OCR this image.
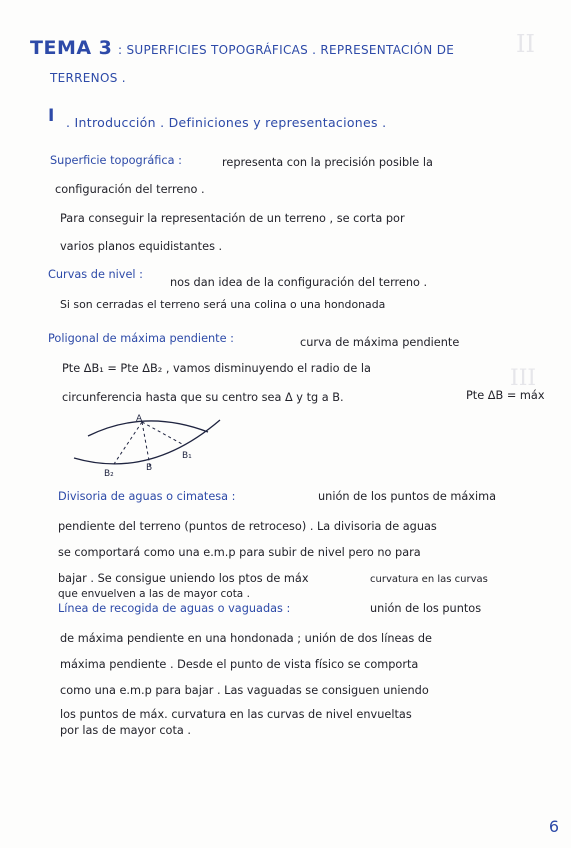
II
III
TEMA 3 : SUPERFICIES TOPOGRÁFICAS . REPRESENTACIÓN DE
TERRENOS .
I . Introducción . Definiciones y representaciones .
Superficie topográfica :	representa con la precisión posible la
configuración del terreno .
Para conseguir la representación de un terreno , se corta por
varios planos equidistantes .
Curvas de nivel :
nos dan idea de la configuración del terreno .
Si son cerradas el terreno será una colina o una hondonada
Poligonal de máxima pendiente :	curva de máxima pendiente
Pte ΔB₁ = Pte ΔB₂ , vamos disminuyendo el radio de la
circunferencia hasta que su centro sea Δ y tg a B.	Pte ΔB = máx
A
B
B₁
B₂
Divisoria de aguas o cimatesa :	unión de los puntos de máxima
pendiente del terreno (puntos de retroceso) . La divisoria de aguas
se comportará como una e.m.p para subir de nivel pero no para
bajar . Se consigue uniendo los ptos de máx	curvatura en las curvas
que envuelven a las de mayor cota .
Línea de recogida de aguas o vaguadas :	unión de los puntos
de máxima pendiente en una hondonada ; unión de dos líneas de
máxima pendiente . Desde el punto de vista físico se comporta
como una e.m.p para bajar . Las vaguadas se consiguen uniendo
los puntos de máx. curvatura en las curvas de nivel envueltas
por las de mayor cota .
6
